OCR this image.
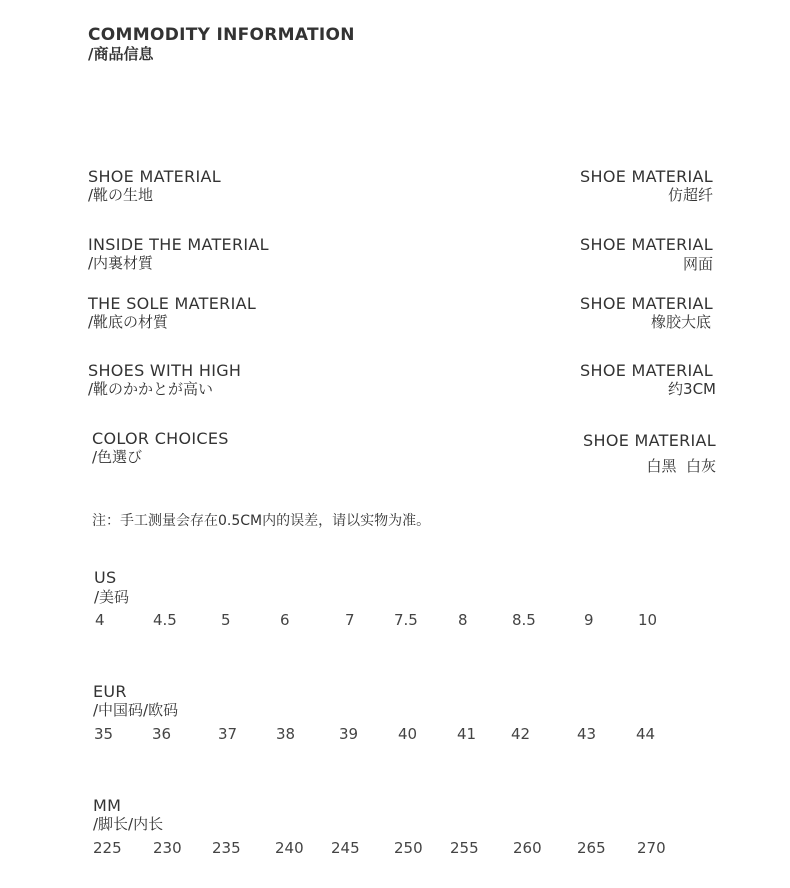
COMMODITY INFORMATION
/商品信息
SHOE MATERIAL
/靴の生地
SHOE MATERIAL
仿超纤
INSIDE THE MATERIAL
/内裏材質
SHOE MATERIAL
网面
THE SOLE MATERIAL
/靴底の材質
SHOE MATERIAL
橡胶大底
SHOES WITH HIGH
/靴のかかとが高い
SHOE MATERIAL
约3CM
COLOR CHOICES
/色選び
SHOE MATERIAL
白黑  白灰
注：手工测量会存在0.5CM内的误差，请以实物为准。
US
/美码
4	4.5	5	6	7	7.5	8	8.5	9	10
EUR
/中国码/欧码
35	36	37	38	39	40	41 42	43	44
MM
/脚长/内长
225 230 235 240 245 250 255 260 265 270
